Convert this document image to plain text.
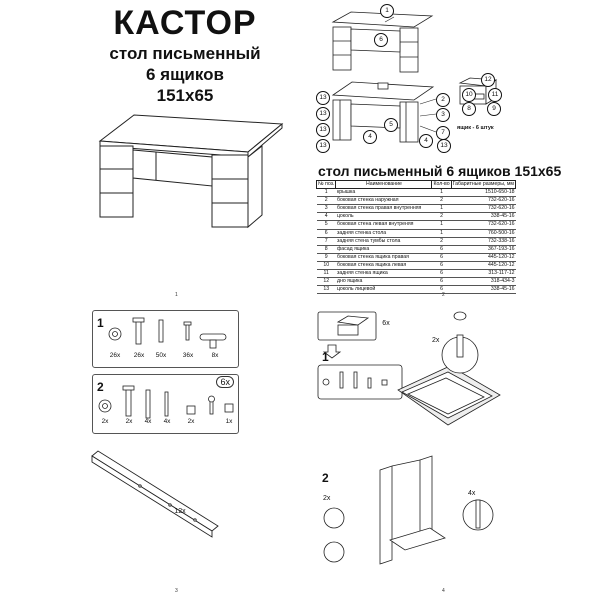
КАСТОР
стол письменный
6 ящиков
151х65
1
1
6
2
3
4
5
7
13
13
13
13	13
4
12
10	11
8	9
ящик - 6 штук
стол письменный 6 ящиков 151х65
№ поз.	Наименование	Кол-во	Габаритные размеры, мм
1	крышка	1	1510-650-18
2	боковая стенка наружная	2	732-620-16
3	боковая стенка правая внутренняя	1	732-620-16
4	цоколь	2	338-45-16
5	боковая стена левая внутреняя	1	732-620-16
6	задняя стенка стола	1	760-500-16
7	задняя стена тумбы стола	2	732-338-16
8	фасад ящика	6	367-193-16
9	боковая стенка ящика правая	6	445-120-12
10	боковая стенка ящика левая	6	445-120-12
11	задняя стенка ящика	6	313-117-12
12	дно ящика	6	318-434-3
13	цоколь лицевой	6	338-45-16
2
1
26x	26x	50x	36x	8x
2	6x
2x	2x	4x	4x	2x	1x
12x
3
6x
1
2
2x
2x
4x
4
